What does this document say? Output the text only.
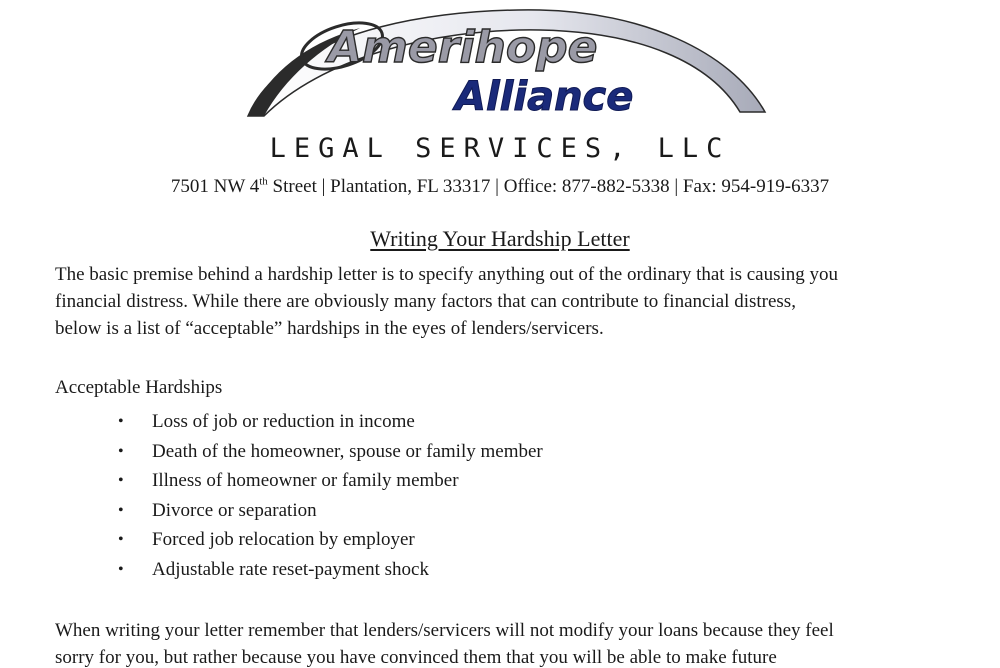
Amerihope
Alliance
LEGAL SERVICES, LLC
7501 NW 4th Street | Plantation, FL 33317 | Office: 877-882-5338 | Fax: 954-919-6337
Writing Your Hardship Letter

The basic premise behind a hardship letter is to specify anything out of the ordinary that is causing you
financial distress. While there are obviously many factors that can contribute to financial distress,
below is a list of “acceptable” hardships in the eyes of lenders/servicers.

Acceptable Hardships
• Loss of job or reduction in income
• Death of the homeowner, spouse or family member
• Illness of homeowner or family member
• Divorce or separation
• Forced job relocation by employer
• Adjustable rate reset-payment shock

When writing your letter remember that lenders/servicers will not modify your loans because they feel
sorry for you, but rather because you have convinced them that you will be able to make future
